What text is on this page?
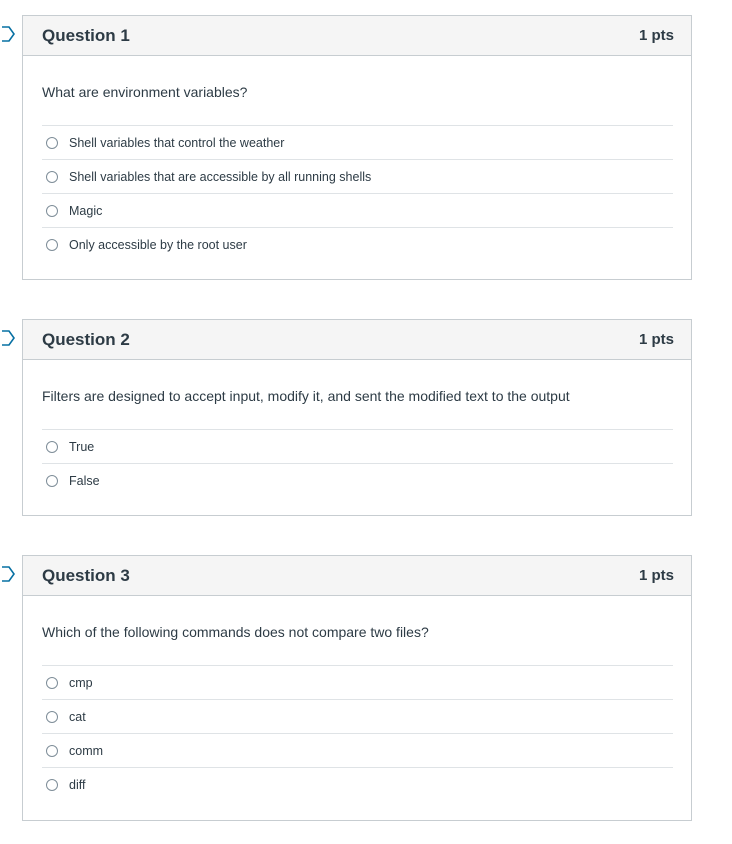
Question 1	1 pts
What are environment variables?
Shell variables that control the weather
Shell variables that are accessible by all running shells
Magic
Only accessible by the root user
Question 2	1 pts
Filters are designed to accept input, modify it, and sent the modified text to the output
True
False
Question 3	1 pts
Which of the following commands does not compare two files?
cmp
cat
comm
diff
